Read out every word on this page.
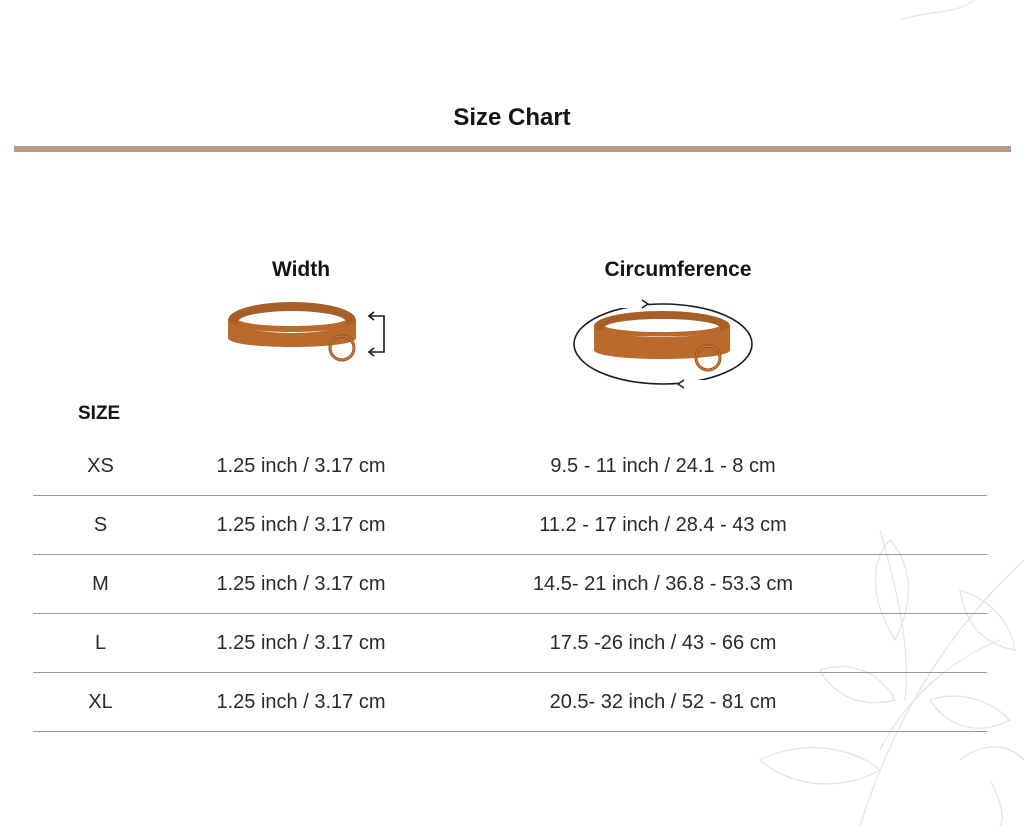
Size Chart
Width	Circumference
SIZE
XS	1.25 inch / 3.17 cm	9.5 - 11 inch / 24.1 - 8 cm
S	1.25 inch / 3.17 cm	11.2 - 17 inch / 28.4 - 43 cm
M	1.25 inch / 3.17 cm	14.5- 21 inch / 36.8 - 53.3 cm
L	1.25 inch / 3.17 cm	17.5 -26 inch / 43 - 66 cm
XL	1.25 inch / 3.17 cm	20.5- 32 inch / 52 - 81 cm
